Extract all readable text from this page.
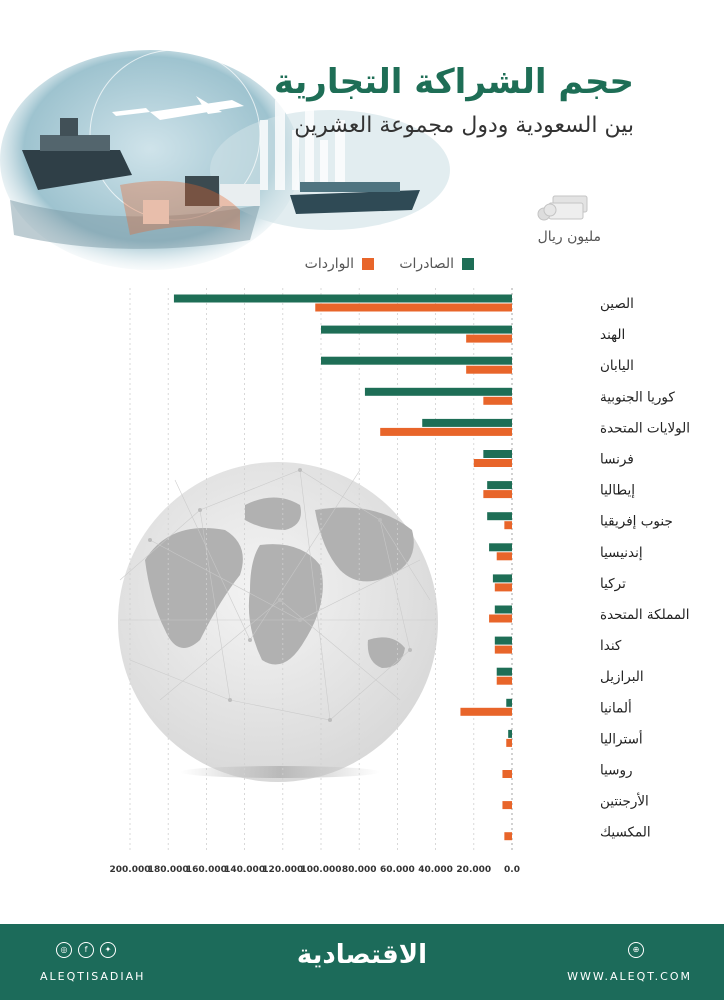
200.000
180.000
160.000
140.000
120.000
100.000 80.000 60.000 40.000 20.000 0.0
الصين
الهند
اليابان
كوريا الجنوبية
الولايات المتحدة
فرنسا
إيطاليا
جنوب إفريقيا
إندنيسيا
تركيا
المملكة المتحدة
كندا
البرازيل
ألمانيا
أستراليا
روسيا
الأرجنتين
المكسيك
حجم الشراكة التجارية
بين السعودية ودول مجموعة العشرين
مليون ريال
الصادرات
الواردات
◎	f	✦
ALEQTISADIAH
الاقتصادية	⊕
WWW.ALEQT.COM
